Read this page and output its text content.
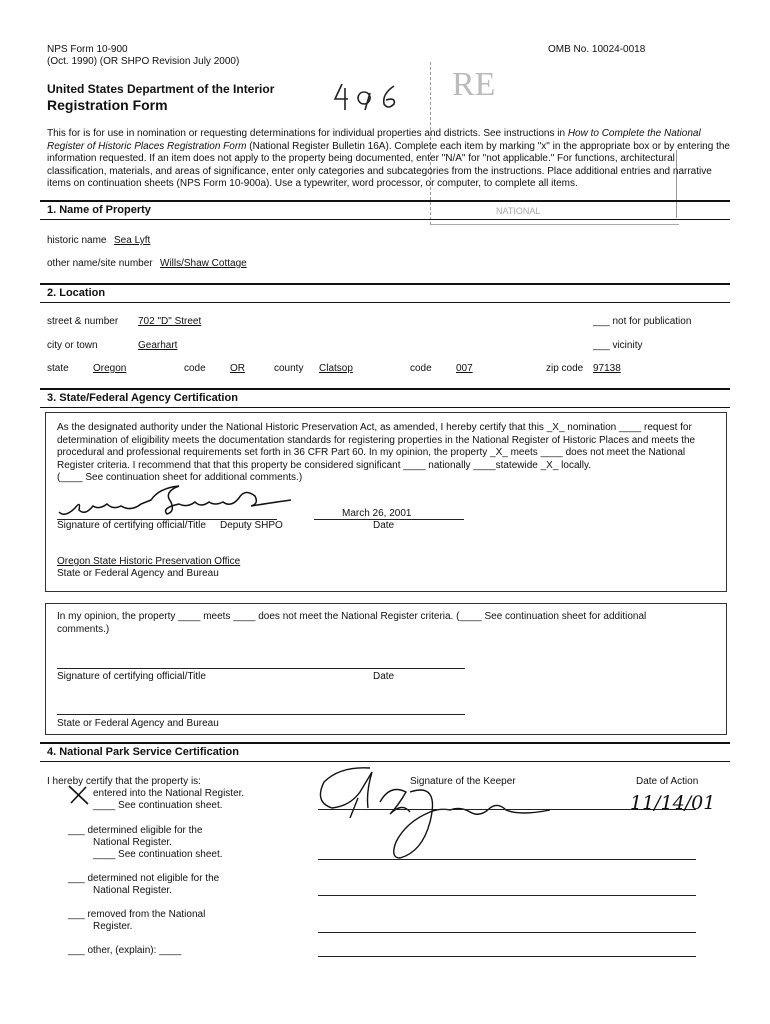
NPS Form 10-900
(Oct. 1990) (OR SHPO Revision July 2000)
OMB No. 10024-0018
United States Department of the Interior
Registration Form
RE
NATIONAL
This for is for use in nomination or requesting determinations for individual properties and districts. See instructions in How to Complete the National Register of Historic Places Registration Form (National Register Bulletin 16A). Complete each item by marking "x" in the appropriate box or by entering the information requested. If an item does not apply to the property being documented, enter "N/A" for "not applicable." For functions, architectural classification, materials, and areas of significance, enter only categories and subcategories from the instructions. Place additional entries and narrative items on continuation sheets (NPS Form 10-900a). Use a typewriter, word processor, or computer, to complete all items.
1. Name of Property
historic name Sea Lyft
other name/site number Wills/Shaw Cottage
2. Location
street & number 702 "D" Street	___ not for publication
city or town	Gearhart	___ vicinity
state Oregon	code OR	county Clatsop	code 007	zip code 97138
3. State/Federal Agency Certification
As the designated authority under the National Historic Preservation Act, as amended, I hereby certify that this _X_ nomination ____ request for determination of eligibility meets the documentation standards for registering properties in the National Register of Historic Places and meets the procedural and professional requirements set forth in 36 CFR Part 60. In my opinion, the property _X_ meets ____ does not meet the National Register criteria. I recommend that that this property be considered significant ____ nationally ____statewide _X_ locally.
(____ See continuation sheet for additional comments.)
March 26, 2001
Signature of certifying official/Title Deputy SHPO	Date
Oregon State Historic Preservation Office
State or Federal Agency and Bureau
In my opinion, the property ____ meets ____ does not meet the National Register criteria. (____ See continuation sheet for additional comments.)
Signature of certifying official/Title	Date
State or Federal Agency and Bureau
4. National Park Service Certification
I hereby certify that the property is:	Signature of the Keeper	Date of Action
entered into the National Register.
____ See continuation sheet.
___ determined eligible for the
National Register.
____ See continuation sheet.
___ determined not eligible for the
National Register.
___ removed from the National
Register.
___ other, (explain): ____
11/14/01
